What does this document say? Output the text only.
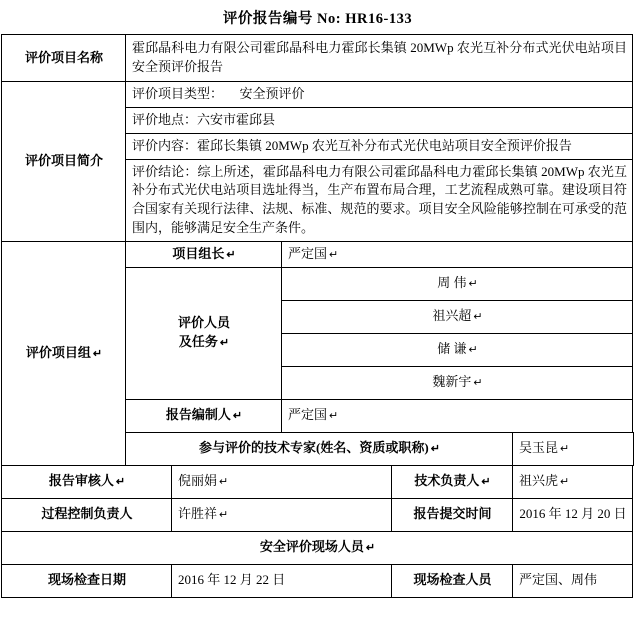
评价报告编号 No: HR16-133
评价项目名称	霍邱晶科电力有限公司霍邱晶科电力霍邱长集镇 20MWp 农光互补分布式光伏电站项目安全预评价报告				
评价项目简介	评价项目类型： 安全预评价				
	评价地点：六安市霍邱县				
	评价内容：霍邱长集镇 20MWp 农光互补分布式光伏电站项目安全预评价报告				
	评价结论：综上所述，霍邱晶科电力有限公司霍邱晶科电力霍邱长集镇 20MWp 农光互补分布式光伏电站项目选址得当，生产布置布局合理，工艺流程成熟可靠。建设项目符合国家有关现行法律、法规、标准、规范的要求。项目安全风险能够控制在可承受的范围内，能够满足安全生产条件。				
评价项目组 ↵	项目组长 ↵		严定国 ↵		

	评价人员
及任务 ↵		周 伟 ↵		
			祖兴超 ↵		
			储 谦 ↵		
			魏新宇 ↵		
	报告编制人 ↵		严定国 ↵		
	参与评价的技术专家(姓名、资质或职称) ↵				吴玉昆 ↵
报告审核人 ↵		倪丽娟 ↵		技术负责人 ↵	祖兴虎 ↵
过程控制负责人		许胜祥 ↵		报告提交时间	2016 年 12 月 20 日
安全评价现场人员 ↵					
现场检查日期		2016 年 12 月 22 日		现场检查人员	严定国、周伟
